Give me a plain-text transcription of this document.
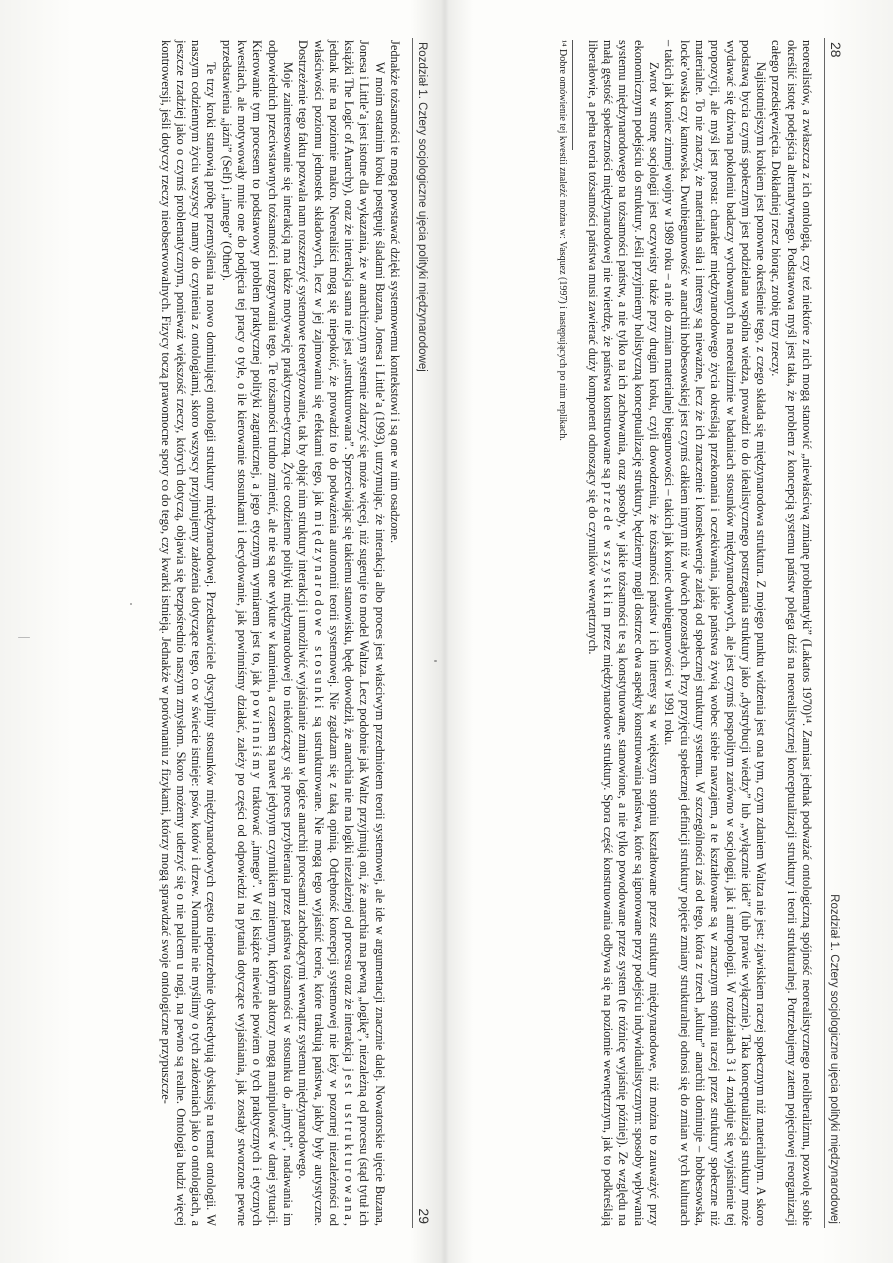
28
Rozdział 1. Cztery socjologiczne ujęcia polityki międzynarodowej

neorealistów, a zwłaszcza z ich ontologią, czy też niektóre z nich mogą stanowić „niewłaściwą zmianę problematyki” (Lakatos 1970)¹⁴. Zamiast jednak podważać ontologiczną spójność neorealistycznego neoliberalizmu, pozwolę sobie określić istotę podejścia alternatywnego. Podstawowa myśl jest taka, że problem z koncepcją systemu państw polega dziś na neorealistycznej konceptualizacji struktury i teorii strukturalnej. Potrzebujemy zatem pojęciowej reorganizacji całego przedsięwzięcia. Dokładniej rzecz biorąc, zrobię trzy rzeczy.

Najistotniejszym krokiem jest ponowne określenie tego, z czego składa się międzynarodowa struktura. Z mojego punktu widzenia jest ona tym, czym zdaniem Waltza nie jest: zjawiskiem raczej społecznym niż materialnym. A skoro podstawą bycia czymś społecznym jest podzielana wspólna wiedza, prowadzi to do idealistycznego postrzegania struktury jako „dystrybucji wiedzy” lub „wyłącznie idei” (lub prawie wyłącznie). Taka konceptualizacja struktury może wydawać się dziwna pokoleniu badaczy wychowanych na neorealizmie w badaniach stosunków międzynarodowych, ale jest czymś pospolitym zarówno w socjologii, jak i antropologii. W rozdziałach 3 i 4 znajduje się wyjaśnienie tej propozycji, ale myśl jest prosta: charakter międzynarodowego życia określają przekonania i oczekiwania, jakie państwa żywią wobec siebie nawzajem, a te kształtowane są w znacznym stopniu raczej przez struktury społeczne niż materialne. To nie znaczy, że materialna siła i interesy są nieważne, lecz że ich znaczenie i konsekwencje zależą od społecznej struktury systemu. W szczególności zaś od tego, która z trzech „kultur” anarchii dominuje – hobbesowska, locke’owska czy kantowska. Dwubiegunowość w anarchii hobbesowskiej jest czymś całkiem innym niż w dwóch pozostałych. Przy przyjęciu społecznej definicji struktury pojęcie zmiany strukturalnej odnosi się do zmian w tych kulturach – takich jak koniec zimnej wojny w 1989 roku – a nie do zmian materialnej biegunowości – takich jak koniec dwubiegunowości w 1991 roku.

Zwrot w stronę socjologii jest oczywisty także przy drugim kroku, czyli dowodzeniu, że tożsamości państw i ich interesy są w większym stopniu kształtowane przez struktury międzynarodowe, niż można to zauważyć przy ekonomicznym podejściu do struktury. Jeśli przyjmiemy holistyczną konceptualizację struktury, będziemy mogli dostrzec dwa aspekty konstruowania państwa, które są ignorowane przy podejściu indywidualistycznym: sposoby wpływania systemu międzynarodowego na tożsamości państw, a nie tylko na ich zachowania, oraz sposoby, w jakie tożsamości te są konstytuowane, stanowione, a nie tylko powodowane przez system (te różnicę wyjaśnię później). Ze względu na małą gęstość społeczności międzynarodowej nie twierdzę, że państwa konstruowane są przede wszystkim przez międzynarodowe struktury. Spora część konstruowania odbywa się na poziomie wewnętrznym, jak to podkreślają liberałowie, a pełna teoria tożsamości państwa musi zawierać duży komponent odnoszący się do czynników wewnętrznych.

¹⁴ Dobre omówienie tej kwestii znaleźć można w: Vasquez (1997) i następujących po nim replikach.
Rozdział 1. Cztery socjologiczne ujęcia polityki międzynarodowej
29

Jednakże tożsamości te mogą powstawać dzięki systemowemu kontekstowi i są one w nim osadzone.

W moim ostatnim kroku postępuję śladami Buzana, Jonesa i Little’a (1993), utrzymując, że interakcja albo proces jest właściwym przedmiotem teorii systemowej, ale ide w argumentacji znacznie dalej. Nowatorskie ujęcie Buzana, Jonesa i Little’a jest istotne dla wykazania, że w anarchicznym systemie zdarzyć się może więcej, niż sugeruje to model Waltza. Lecz podobnie jak Waltz przyjmują oni, że anarchia ma pewną „logikę”, niezależną od procesu (stąd tytuł ich książki The Logic of Anarchy), oraz że interakcja sama nie jest „ustrukturowana”. Sprzeciwiając się takiemu stanowisku, będę dowodził, że anarchia nie ma logiki niezależnej od procesu oraz że interakcja jest ustrukturowana, jednak nie na poziomie makro. Neorealiści mogą się niepokoić, że prowadzi to do podważenia autonomii teorii systemowej. Nie zgadzam się z taką opinią. Odrębność koncepcji systemowej nie leży w pozornej niezależności od właściwości poziomu jednostek składowych, lecz w jej zajmowaniu się efektami tego, jak międzynarodowe stosunki są ustrukturowane. Nie mogą tego wyjaśnić teorie, które traktują państwa, jakby były autystyczne. Dostrzeżenie tego faktu pozwala nam rozszerzyć systemowe teoretyzowanie, tak by objąć nim struktury interakcji i umożliwić wyjaśnianie zmian w logice anarchii procesami zachodzącymi wewnątrz systemu międzynarodowego.

Moje zainteresowanie się interakcją ma także motywację praktyczno-etyczną. Życie codzienne polityki międzynarodowej to niekończący się proces przybierania przez państwa tożsamości w stosunku do „innych”, nadawania im odpowiednich przeciwstawnych tożsamości i rozgrywania tego. Te tożsamości trudno zmienić, ale nie są one wykute w kamieniu, a czasem są nawet jedynym czynnikiem zmiennym, którym aktorzy mogą manipulować w danej sytuacji. Kierowanie tym procesem to podstawowy problem praktycznej polityki zagranicznej, a jego etycznym wymiarem jest to, jak powinniśmy traktować „innego”. W tej książce niewiele powiem o tych praktycznych i etycznych kwestiach, ale motywowały mnie one do podjęcia tej pracy o tyle, o ile kierowanie stosunkami i decydowanie, jak powinniśmy działać, zależy po części od odpowiedzi na pytania dotyczące wyjaśniania, jak zostały stworzone pewne przedstawienia „jaźni” (Self) i „innego” (Other).

Te trzy kroki stanowią próbę przemyślenia na nowo dominującej ontologii struktury międzynarodowej. Przedstawiciele dyscypliny stosunków międzynarodowych często niepotrzebnie dyskredytują dyskusję na temat ontologii. W naszym codziennym życiu wszyscy mamy do czynienia z ontologiami, skoro wszyscy przyjmujemy założenia dotyczące tego, co w świecie istnieje: psów, kotów i drzew. Normalnie nie myślimy o tych założeniach jako o ontologiach, a jeszcze rzadziej jako o czymś problematycznym, ponieważ większość rzeczy, których dotyczą, objawia się bezpośrednio naszym zmysłom. Skoro możemy uderzyć się o nie palcem u nogi, na pewno są realne. Ontologia budzi więcej kontrowersji, jeśli dotyczy rzeczy nieobserwowalnych. Fizycy toczą prawomocne spory co do tego, czy kwarki istnieją. Jednakże w porównaniu z fizykami, którzy mogą sprawdzać swoje ontologiczne przypuszcze-
